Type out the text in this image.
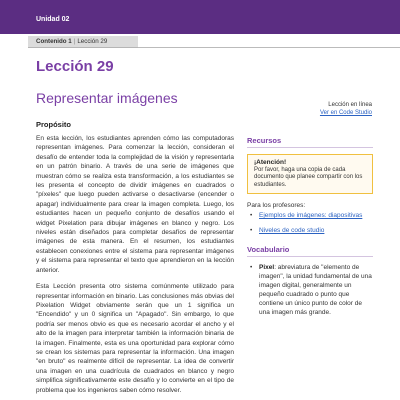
Unidad 02
Contenido 1 | Lección 29
Lección 29
Representar imágenes	Lección en línea
Ver en Code Studio
Propósito

En esta lección, los estudiantes aprenden cómo las computadoras representan imágenes. Para comenzar la lección, consideran el desafío de entender toda la complejidad de la visión y representarla en un patrón binario. A través de una serie de imágenes que muestran cómo se realiza esta transformación, a los estudiantes se les presenta el concepto de dividir imágenes en cuadrados o "píxeles" que luego pueden activarse o desactivarse (encender o apagar) individualmente para crear la imagen completa. Luego, los estudiantes hacen un pequeño conjunto de desafíos usando el widget Pixelation para dibujar imágenes en blanco y negro. Los niveles están diseñados para completar desafíos de representar imágenes de esta manera. En el resumen, los estudiantes establecen conexiones entre el sistema para representar imágenes y el sistema para representar el texto que aprendieron en la lección anterior.

Esta Lección presenta otro sistema comúnmente utilizado para representar información en binario. Las conclusiones más obvias del Pixelation Widget obviamente serán que un 1 significa un "Encendido" y un 0 significa un "Apagado". Sin embargo, lo que podría ser menos obvio es que es necesario acordar el ancho y el alto de la imagen para interpretar también la información binaria de la imagen. Finalmente, esta es una oportunidad para explorar cómo se crean los sistemas para representar la información. Una imagen "en bruto" es realmente difícil de representar. La idea de convertir una imagen en una cuadrícula de cuadrados en blanco y negro simplifica significativamente este desafío y lo convierte en el tipo de problema que los ingenieros saben cómo resolver.

Recursos
¡Atención!
Por favor, haga una copia de cada documento que planee compartir con los estudiantes.
Para los profesores:
• Ejemplos de imágenes: diapositivas
• Niveles de code studio
Vocabulario
• Pixel: abreviatura de "elemento de imagen", la unidad fundamental de una imagen digital, generalmente un pequeño cuadrado o punto que contiene un único punto de color de una imagen más grande.
